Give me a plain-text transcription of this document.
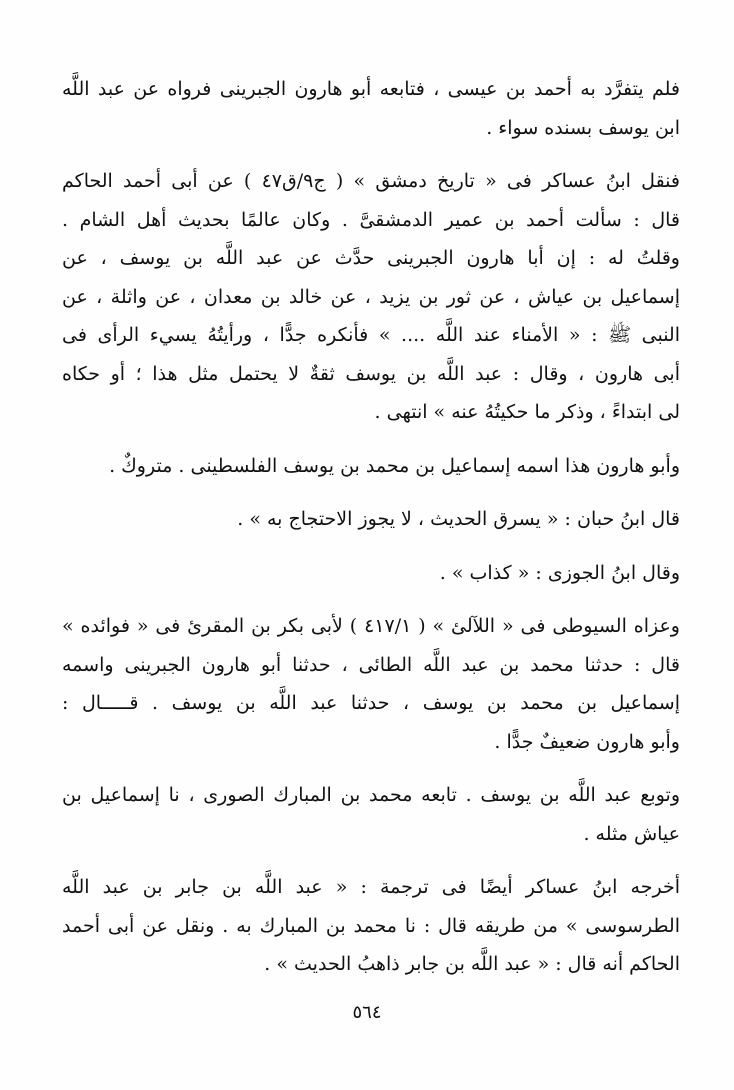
فلم يتفرَّد به أحمد بن عيسى ، فتابعه أبو هارون الجبرينى فرواه عن عبد اللَّه
ابن يوسف بسنده سواء .

فنقل ابنُ عساكر فى « تاريخ دمشق » ( ج٩/ق٤٧ ) عن أبى أحمد الحاكم
قال : سألت أحمد بن عمير الدمشقىَّ . وكان عالمًا بحديث أهل الشام .
وقلتُ له : إن أبا هارون الجبرينى حدَّث عن عبد اللَّه بن يوسف ، عن
إسماعيل بن عياش ، عن ثور بن يزيد ، عن خالد بن معدان ، عن واثلة ، عن
النبى ﷺ : « الأمناء عند اللَّه .... » فأنكره جدًّا ، ورأيتُهُ يسيء الرأى فى
أبى هارون ، وقال : عبد اللَّه بن يوسف ثقةٌ لا يحتمل مثل هذا ؛ أو حكاه
لى ابتداءً ، وذكر ما حكيتُهُ عنه » انتهى .

وأبو هارون هذا اسمه إسماعيل بن محمد بن يوسف الفلسطينى . متروكٌ .

قال ابنُ حبان : « يسرق الحديث ، لا يجوز الاحتجاج به » .

وقال ابنُ الجوزى : « كذاب » .

وعزاه السيوطى فى « اللآلئ » ( ٤١٧/١ ) لأبى بكر بن المقرئ فى « فوائده »
قال : حدثنا محمد بن عبد اللَّه الطائى ، حدثنا أبو هارون الجبرينى واسمه
إسماعيل بن محمد بن يوسف ، حدثنا عبد اللَّه بن يوسف . قـــــال :
وأبو هارون ضعيفٌ جدًّا .

وتوبع عبد اللَّه بن يوسف . تابعه محمد بن المبارك الصورى ، نا إسماعيل بن
عياش مثله .

أخرجه ابنُ عساكر أيضًا فى ترجمة : « عبد اللَّه بن جابر بن عبد اللَّه
الطرسوسى » من طريقه قال : نا محمد بن المبارك به . ونقل عن أبى أحمد
الحاكم أنه قال : « عبد اللَّه بن جابر ذاهبُ الحديث » .

٥٦٤
